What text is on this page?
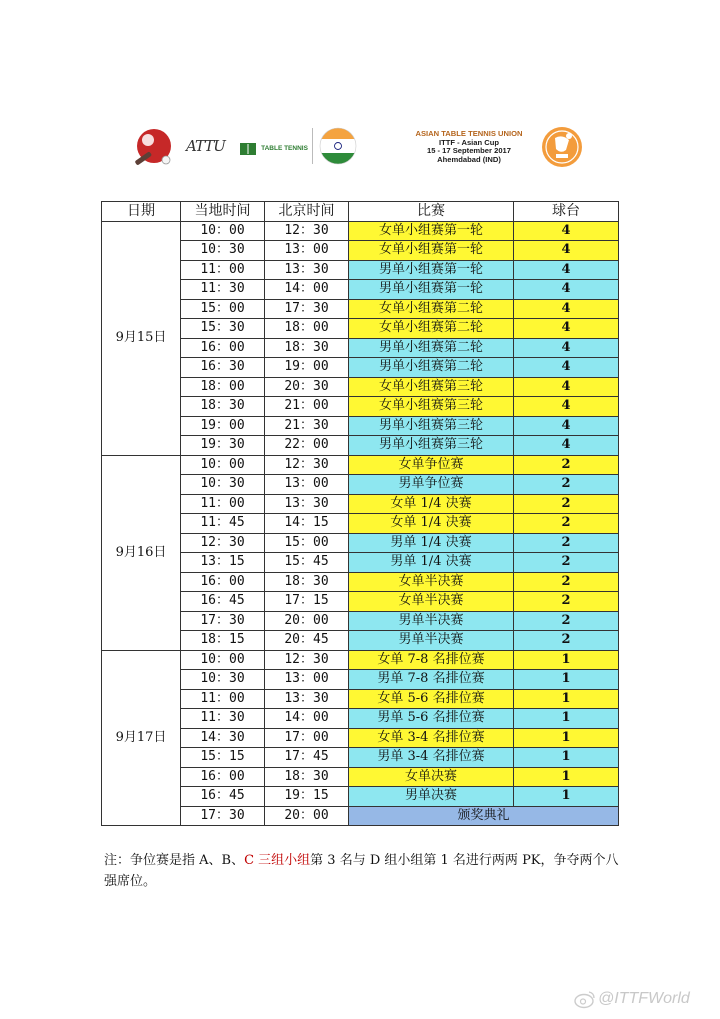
ATTU	TABLE TENNIS
ASIAN TABLE TENNIS UNION
ITTF - Asian Cup
15 - 17 September 2017
Ahemdabad (IND)
日期	当地时间	北京时间	比赛	球台
9月15日	10：00	12：30	女单小组赛第一轮	4
	10：30	13：00	女单小组赛第一轮	4
	11：00	13：30	男单小组赛第一轮	4
	11：30	14：00	男单小组赛第一轮	4
	15：00	17：30	女单小组赛第二轮	4
	15：30	18：00	女单小组赛第二轮	4
	16：00	18：30	男单小组赛第二轮	4
	16：30	19：00	男单小组赛第二轮	4
	18：00	20：30	女单小组赛第三轮	4
	18：30	21：00	女单小组赛第三轮	4
	19：00	21：30	男单小组赛第三轮	4
	19：30	22：00	男单小组赛第三轮	4
9月16日	10：00	12：30	女单争位赛	2
	10：30	13：00	男单争位赛	2
	11：00	13：30	女单 1/4 决赛	2
	11：45	14：15	女单 1/4 决赛	2
	12：30	15：00	男单 1/4 决赛	2
	13：15	15：45	男单 1/4 决赛	2
	16：00	18：30	女单半决赛	2
	16：45	17：15	女单半决赛	2
	17：30	20：00	男单半决赛	2
	18：15	20：45	男单半决赛	2
9月17日	10：00	12：30	女单 7-8 名排位赛	1
	10：30	13：00	男单 7-8 名排位赛	1
	11：00	13：30	女单 5-6 名排位赛	1
	11：30	14：00	男单 5-6 名排位赛	1
	14：30	17：00	女单 3-4 名排位赛	1
	15：15	17：45	男单 3-4 名排位赛	1
	16：00	18：30	女单决赛	1
	16：45	19：15	男单决赛	1
	17：30	20：00	颁奖典礼	
注：争位赛是指 A、B、C 三组小组第 3 名与 D 组小组第 1 名进行两两 PK，争夺两个八强席位。
@ITTFWorld
